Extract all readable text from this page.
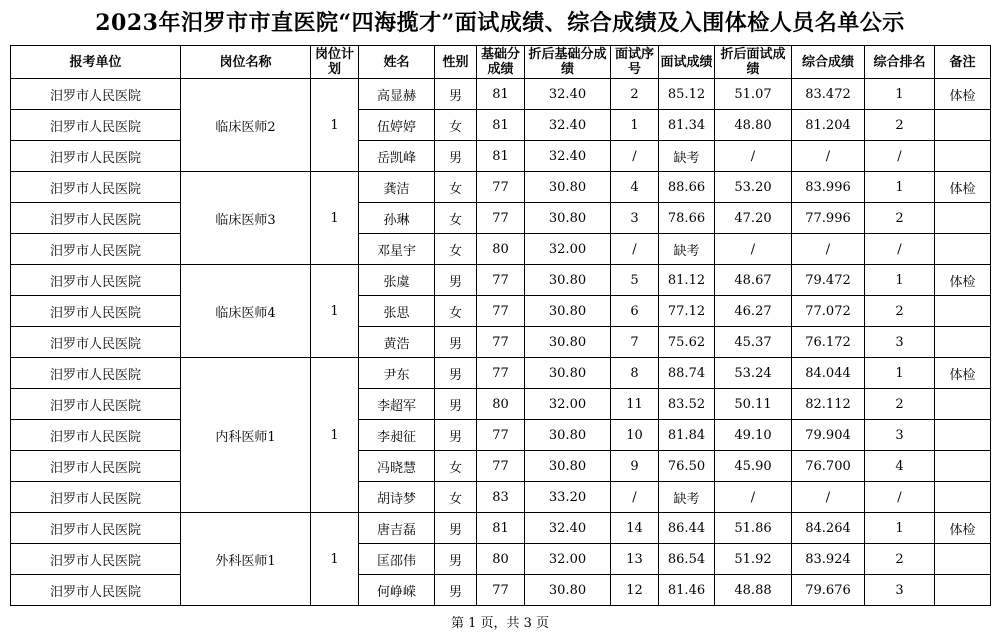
2023年汨罗市市直医院“四海揽才”面试成绩、综合成绩及入围体检人员名单公示
报考单位	岗位名称	岗位计划	姓名	性别	基础分成绩	折后基础分成绩	面试序号	面试成绩	折后面试成绩	综合成绩	综合排名	备注
汨罗市人民医院	临床医师2	1	高显赫	男	81	32.40	2	85.12	51.07	83.472	1	体检
汨罗市人民医院			伍婷婷	女	81	32.40	1	81.34	48.80	81.204	2	
汨罗市人民医院			岳凯峰	男	81	32.40	/	缺考	/	/	/	
汨罗市人民医院	临床医师3	1	龚洁	女	77	30.80	4	88.66	53.20	83.996	1	体检
汨罗市人民医院			孙琳	女	77	30.80	3	78.66	47.20	77.996	2	
汨罗市人民医院			邓星宇	女	80	32.00	/	缺考	/	/	/	
汨罗市人民医院	临床医师4	1	张虞	男	77	30.80	5	81.12	48.67	79.472	1	体检
汨罗市人民医院			张思	女	77	30.80	6	77.12	46.27	77.072	2	
汨罗市人民医院			黄浩	男	77	30.80	7	75.62	45.37	76.172	3	
汨罗市人民医院	内科医师1	1	尹东	男	77	30.80	8	88.74	53.24	84.044	1	体检
汨罗市人民医院			李超军	男	80	32.00	11	83.52	50.11	82.112	2	
汨罗市人民医院			李昶征	男	77	30.80	10	81.84	49.10	79.904	3	
汨罗市人民医院			冯晓慧	女	77	30.80	9	76.50	45.90	76.700	4	
汨罗市人民医院			胡诗梦	女	83	33.20	/	缺考	/	/	/	
汨罗市人民医院	外科医师1	1	唐吉磊	男	81	32.40	14	86.44	51.86	84.264	1	体检
汨罗市人民医院			匡邵伟	男	80	32.00	13	86.54	51.92	83.924	2	
汨罗市人民医院			何峥嵘	男	77	30.80	12	81.46	48.88	79.676	3	
第 1 页，共 3 页
